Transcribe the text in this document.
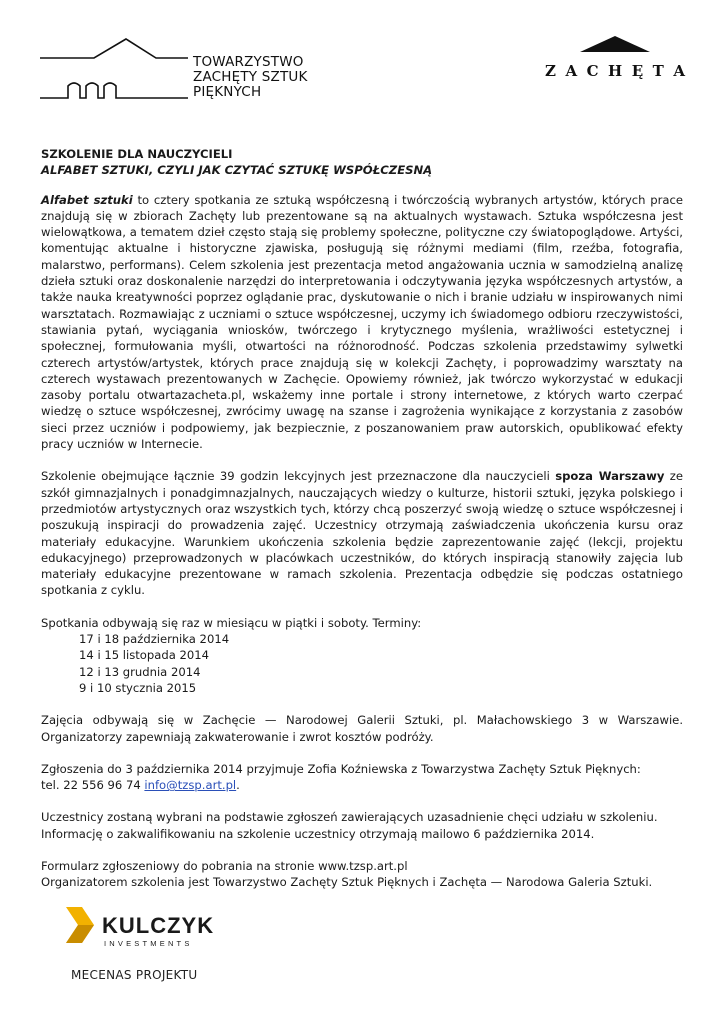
TOWARZYSTWO
ZACHĘTY SZTUK
PIĘKNYCH
Z A C H Ę T A
SZKOLENIE DLA NAUCZYCIELI
ALFABET SZTUKI, CZYLI JAK CZYTAĆ SZTUKĘ WSPÓŁCZESNĄ

Alfabet sztuki to cztery spotkania ze sztuką współczesną i twórczością wybranych artystów, których prace znajdują się w zbiorach Zachęty lub prezentowane są na aktualnych wystawach. Sztuka współczesna jest wielowątkowa, a tematem dzieł często stają się problemy społeczne, polityczne czy światopoglądowe. Artyści, komentując aktualne i historyczne zjawiska, posługują się różnymi mediami (film, rzeźba, fotografia, malarstwo, performans). Celem szkolenia jest prezentacja metod angażowania ucznia w samodzielną analizę dzieła sztuki oraz doskonalenie narzędzi do interpretowania i odczytywania języka współczesnych artystów, a także nauka kreatywności poprzez oglądanie prac, dyskutowanie o nich i branie udziału w inspirowanych nimi warsztatach. Rozmawiając z uczniami o sztuce współczesnej, uczymy ich świadomego odbioru rzeczywistości, stawiania pytań, wyciągania wniosków, twórczego i krytycznego myślenia, wrażliwości estetycznej i społecznej, formułowania myśli, otwartości na różnorodność. Podczas szkolenia przedstawimy sylwetki czterech artystów/artystek, których prace znajdują się w kolekcji Zachęty, i poprowadzimy warsztaty na czterech wystawach prezentowanych w Zachęcie. Opowiemy również, jak twórczo wykorzystać w edukacji zasoby portalu otwartazacheta.pl, wskażemy inne portale i strony internetowe, z których warto czerpać wiedzę o sztuce współczesnej, zwrócimy uwagę na szanse i zagrożenia wynikające z korzystania z zasobów sieci przez uczniów i podpowiemy, jak bezpiecznie, z poszanowaniem praw autorskich, opublikować efekty pracy uczniów w Internecie.

Szkolenie obejmujące łącznie 39 godzin lekcyjnych jest przeznaczone dla nauczycieli spoza Warszawy ze szkół gimnazjalnych i ponadgimnazjalnych, nauczających wiedzy o kulturze, historii sztuki, języka polskiego i przedmiotów artystycznych oraz wszystkich tych, którzy chcą poszerzyć swoją wiedzę o sztuce współczesnej i poszukują inspiracji do prowadzenia zajęć. Uczestnicy otrzymają zaświadczenia ukończenia kursu oraz materiały edukacyjne. Warunkiem ukończenia szkolenia będzie zaprezentowanie zajęć (lekcji, projektu edukacyjnego) przeprowadzonych w placówkach uczestników, do których inspiracją stanowiły zajęcia lub materiały edukacyjne prezentowane w ramach szkolenia. Prezentacja odbędzie się podczas ostatniego spotkania z cyklu.

Spotkania odbywają się raz w miesiącu w piątki i soboty. Terminy:
17 i 18 października 2014
14 i 15 listopada 2014
12 i 13 grudnia 2014
9 i 10 stycznia 2015

Zajęcia odbywają się w Zachęcie — Narodowej Galerii Sztuki, pl. Małachowskiego 3 w Warszawie. Organizatorzy zapewniają zakwaterowanie i zwrot kosztów podróży.

Zgłoszenia do 3 października 2014 przyjmuje Zofia Koźniewska z Towarzystwa Zachęty Sztuk Pięknych:
tel. 22 556 96 74 info@tzsp.art.pl.

Uczestnicy zostaną wybrani na podstawie zgłoszeń zawierających uzasadnienie chęci udziału w szkoleniu.
Informację o zakwalifikowaniu na szkolenie uczestnicy otrzymają mailowo 6 października 2014.

Formularz zgłoszeniowy do pobrania na stronie www.tzsp.art.pl
Organizatorem szkolenia jest Towarzystwo Zachęty Sztuk Pięknych i Zachęta — Narodowa Galeria Sztuki.

KULCZYK
INVESTMENTS
MECENAS PROJEKTU
